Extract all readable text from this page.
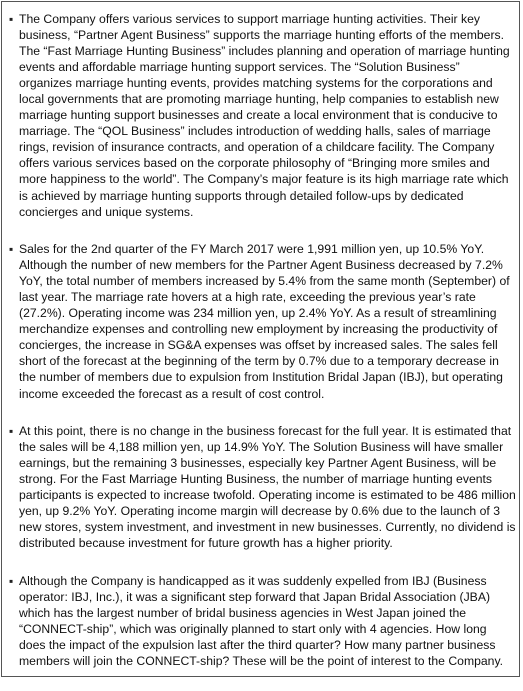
▪ The Company offers various services to support marriage hunting activities. Their key business, “Partner Agent Business” supports the marriage hunting efforts of the members. The “Fast Marriage Hunting Business” includes planning and operation of marriage hunting events and affordable marriage hunting support services. The “Solution Business” organizes marriage hunting events, provides matching systems for the corporations and local governments that are promoting marriage hunting, help companies to establish new marriage hunting support businesses and create a local environment that is conducive to marriage. The “QOL Business” includes introduction of wedding halls, sales of marriage rings, revision of insurance contracts, and operation of a childcare facility. The Company offers various services based on the corporate philosophy of “Bringing more smiles and more happiness to the world”. The Company’s major feature is its high marriage rate which is achieved by marriage hunting supports through detailed follow-ups by dedicated concierges and unique systems.
▪ Sales for the 2nd quarter of the FY March 2017 were 1,991 million yen, up 10.5% YoY. Although the number of new members for the Partner Agent Business decreased by 7.2% YoY, the total number of members increased by 5.4% from the same month (September) of last year. The marriage rate hovers at a high rate, exceeding the previous year’s rate (27.2%). Operating income was 234 million yen, up 2.4% YoY. As a result of streamlining merchandize expenses and controlling new employment by increasing the productivity of concierges, the increase in SG&A expenses was offset by increased sales. The sales fell short of the forecast at the beginning of the term by 0.7% due to a temporary decrease in the number of members due to expulsion from Institution Bridal Japan (IBJ), but operating income exceeded the forecast as a result of cost control.
▪ At this point, there is no change in the business forecast for the full year. It is estimated that the sales will be 4,188 million yen, up 14.9% YoY. The Solution Business will have smaller earnings, but the remaining 3 businesses, especially key Partner Agent Business, will be strong. For the Fast Marriage Hunting Business, the number of marriage hunting events participants is expected to increase twofold. Operating income is estimated to be 486 million yen, up 9.2% YoY. Operating income margin will decrease by 0.6% due to the launch of 3 new stores, system investment, and investment in new businesses. Currently, no dividend is distributed because investment for future growth has a higher priority.
▪ Although the Company is handicapped as it was suddenly expelled from IBJ (Business operator: IBJ, Inc.), it was a significant step forward that Japan Bridal Association (JBA) which has the largest number of bridal business agencies in West Japan joined the “CONNECT-ship”, which was originally planned to start only with 4 agencies. How long does the impact of the expulsion last after the third quarter? How many partner business members will join the CONNECT-ship? These will be the point of interest to the Company.
